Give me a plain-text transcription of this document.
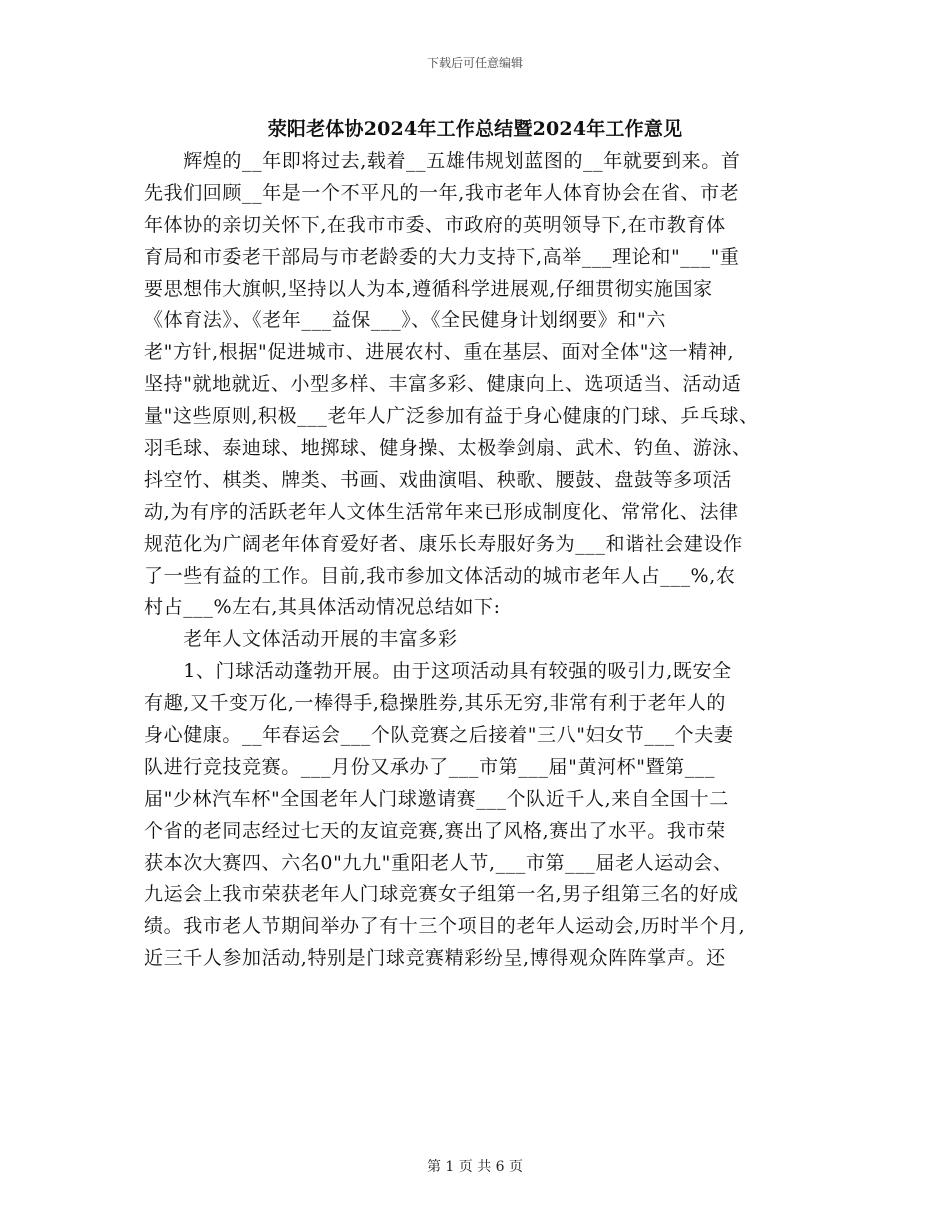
下载后可任意编辑
荥阳老体协2024年工作总结暨2024年工作意见
　　辉煌的__年即将过去,载着__五雄伟规划蓝图的__年就要到来。首
先我们回顾__年是一个不平凡的一年,我市老年人体育协会在省、市老
年体协的亲切关怀下,在我市市委、市政府的英明领导下,在市教育体
育局和市委老干部局与市老龄委的大力支持下,高举___理论和"___"重
要思想伟大旗帜,坚持以人为本,遵循科学进展观,仔细贯彻实施国家
《体育法》、《老年___益保___》、《全民健身计划纲要》和"六
老"方针,根据"促进城市、进展农村、重在基层、面对全体"这一精神,
坚持"就地就近、小型多样、丰富多彩、健康向上、选项适当、活动适
量"这些原则,积极___老年人广泛参加有益于身心健康的门球、乒乓球、
羽毛球、泰迪球、地掷球、健身操、太极拳剑扇、武术、钓鱼、游泳、
抖空竹、棋类、牌类、书画、戏曲演唱、秧歌、腰鼓、盘鼓等多项活
动,为有序的活跃老年人文体生活常年来已形成制度化、常常化、法律
规范化为广阔老年体育爱好者、康乐长寿服好务为___和谐社会建设作
了一些有益的工作。目前,我市参加文体活动的城市老年人占___%,农
村占___%左右,其具体活动情况总结如下:
　　老年人文体活动开展的丰富多彩
　　1、门球活动蓬勃开展。由于这项活动具有较强的吸引力,既安全
有趣,又千变万化,一棒得手,稳操胜券,其乐无穷,非常有利于老年人的
身心健康。__年春运会___个队竞赛之后接着"三八"妇女节___个夫妻
队进行竞技竞赛。___月份又承办了___市第___届"黄河杯"暨第___
届"少林汽车杯"全国老年人门球邀请赛___个队近千人,来自全国十二
个省的老同志经过七天的友谊竞赛,赛出了风格,赛出了水平。我市荣
获本次大赛四、六名0"九九"重阳老人节,___市第___届老人运动会、
九运会上我市荣获老年人门球竞赛女子组第一名,男子组第三名的好成
绩。我市老人节期间举办了有十三个项目的老年人运动会,历时半个月,
近三千人参加活动,特别是门球竞赛精彩纷呈,博得观众阵阵掌声。还
第 1 页 共 6 页
